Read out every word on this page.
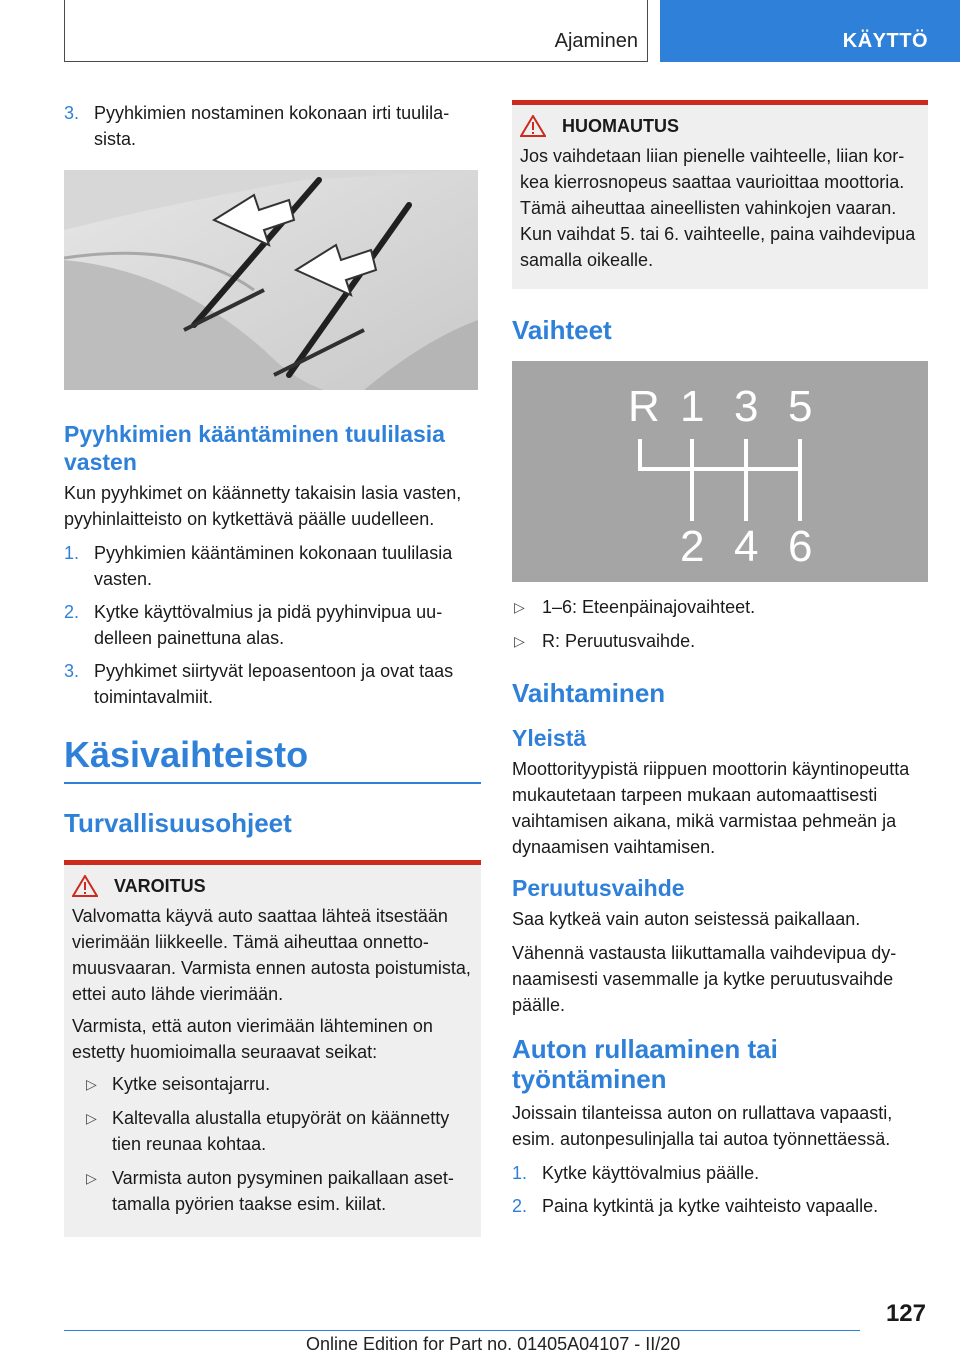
Ajaminen	KÄYTTÖ
3. Pyyhkimien nostaminen kokonaan irti tuulilasista.
Pyyhkimien kääntäminen tuulilasia vasten
Kun pyyhkimet on käännetty takaisin lasia vasten, pyyhinlaitteisto on kytkettävä päälle uudelleen.
1. Pyyhkimien kääntäminen kokonaan tuulilasia vasten.
2. Kytke käyttövalmius ja pidä pyyhinvipua uudelleen painettuna alas.
3. Pyyhkimet siirtyvät lepoasentoon ja ovat taas toimintavalmiit.
Käsivaihteisto
Turvallisuusohjeet
VAROITUS
Valvomatta käyvä auto saattaa lähteä itsestään vierimään liikkeelle. Tämä aiheuttaa onnettomuusvaaran. Varmista ennen autosta poistumista, ettei auto lähde vierimään.
Varmista, että auton vierimään lähteminen on estetty huomioimalla seuraavat seikat:
▷ Kytke seisontajarru.
▷ Kaltevalla alustalla etupyörät on käännetty tien reunaa kohtaa.
▷ Varmista auton pysyminen paikallaan asettamalla pyörien taakse esim. kiilat.
HUOMAUTUS
Jos vaihdetaan liian pienelle vaihteelle, liian korkea kierrosnopeus saattaa vaurioittaa moottoria. Tämä aiheuttaa aineellisten vahinkojen vaaran. Kun vaihdat 5. tai 6. vaihteelle, paina vaihdevipua samalla oikealle.
Vaihteet
R 1 3 5
2 4 6
▷ 1–6: Eteenpäinajovaihteet.
▷ R: Peruutusvaihde.
Vaihtaminen
Yleistä
Moottorityypistä riippuen moottorin käyntinopeutta mukautetaan tarpeen mukaan automaattisesti vaihtamisen aikana, mikä varmistaa pehmeän ja dynaamisen vaihtamisen.
Peruutusvaihde
Saa kytkeä vain auton seistessä paikallaan.
Vähennä vastausta liikuttamalla vaihdevipua dynaamisesti vasemmalle ja kytke peruutusvaihde päälle.
Auton rullaaminen tai työntäminen
Joissain tilanteissa auton on rullattava vapaasti, esim. autonpesulinjalla tai autoa työnnettäessä.
1. Kytke käyttövalmius päälle.
2. Paina kytkintä ja kytke vaihteisto vapaalle.
127
Online Edition for Part no. 01405A04107 - II/20
